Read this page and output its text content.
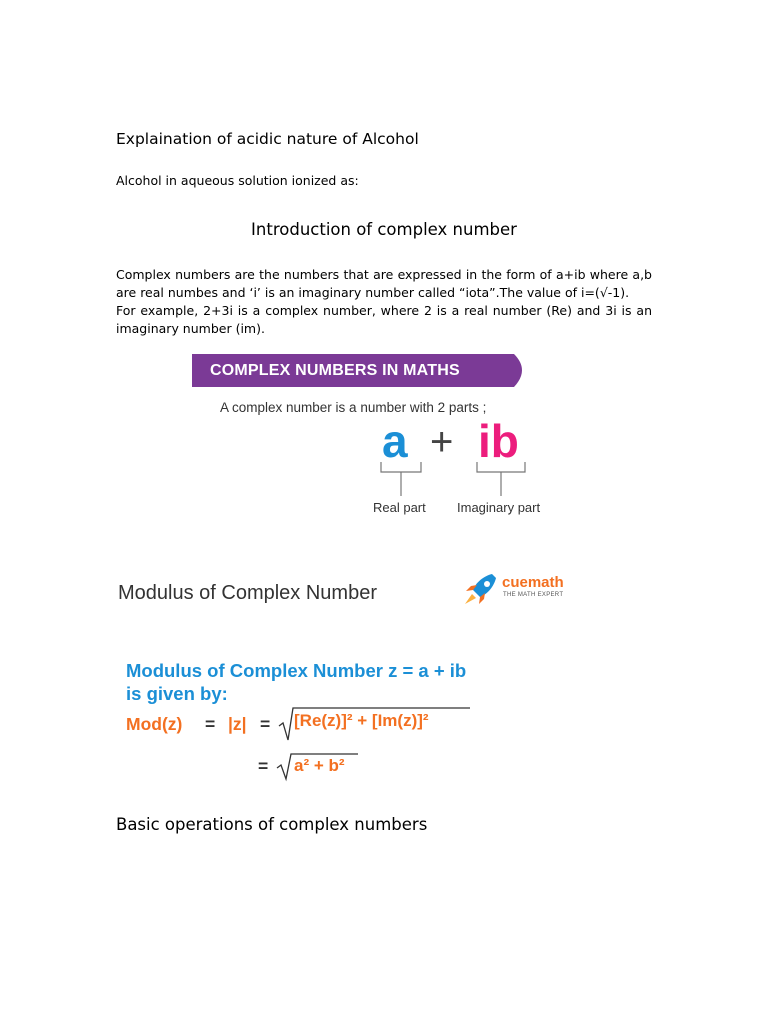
Explaination of acidic nature of Alcohol
Alcohol in aqueous solution ionized as:
Introduction of complex number

Complex numbers are the numbers that are expressed in the form of a+ib where a,b are real numbes and ‘i’ is an imaginary number called “iota”.The value of i=(√-1).

For example, 2+3i is a complex number, where 2 is a real number (Re) and 3i is an imaginary number (im).

COMPLEX NUMBERS IN MATHS
A complex number is a number with 2 parts ;
a + ib
Real part Imaginary part
Modulus of Complex Number	cuemath
THE MATH EXPERT
Modulus of Complex Number z = a + ib
is given by:
Mod(z) = |z| = [Re(z)]² + [Im(z)]²
= a² + b²
Basic operations of complex numbers
